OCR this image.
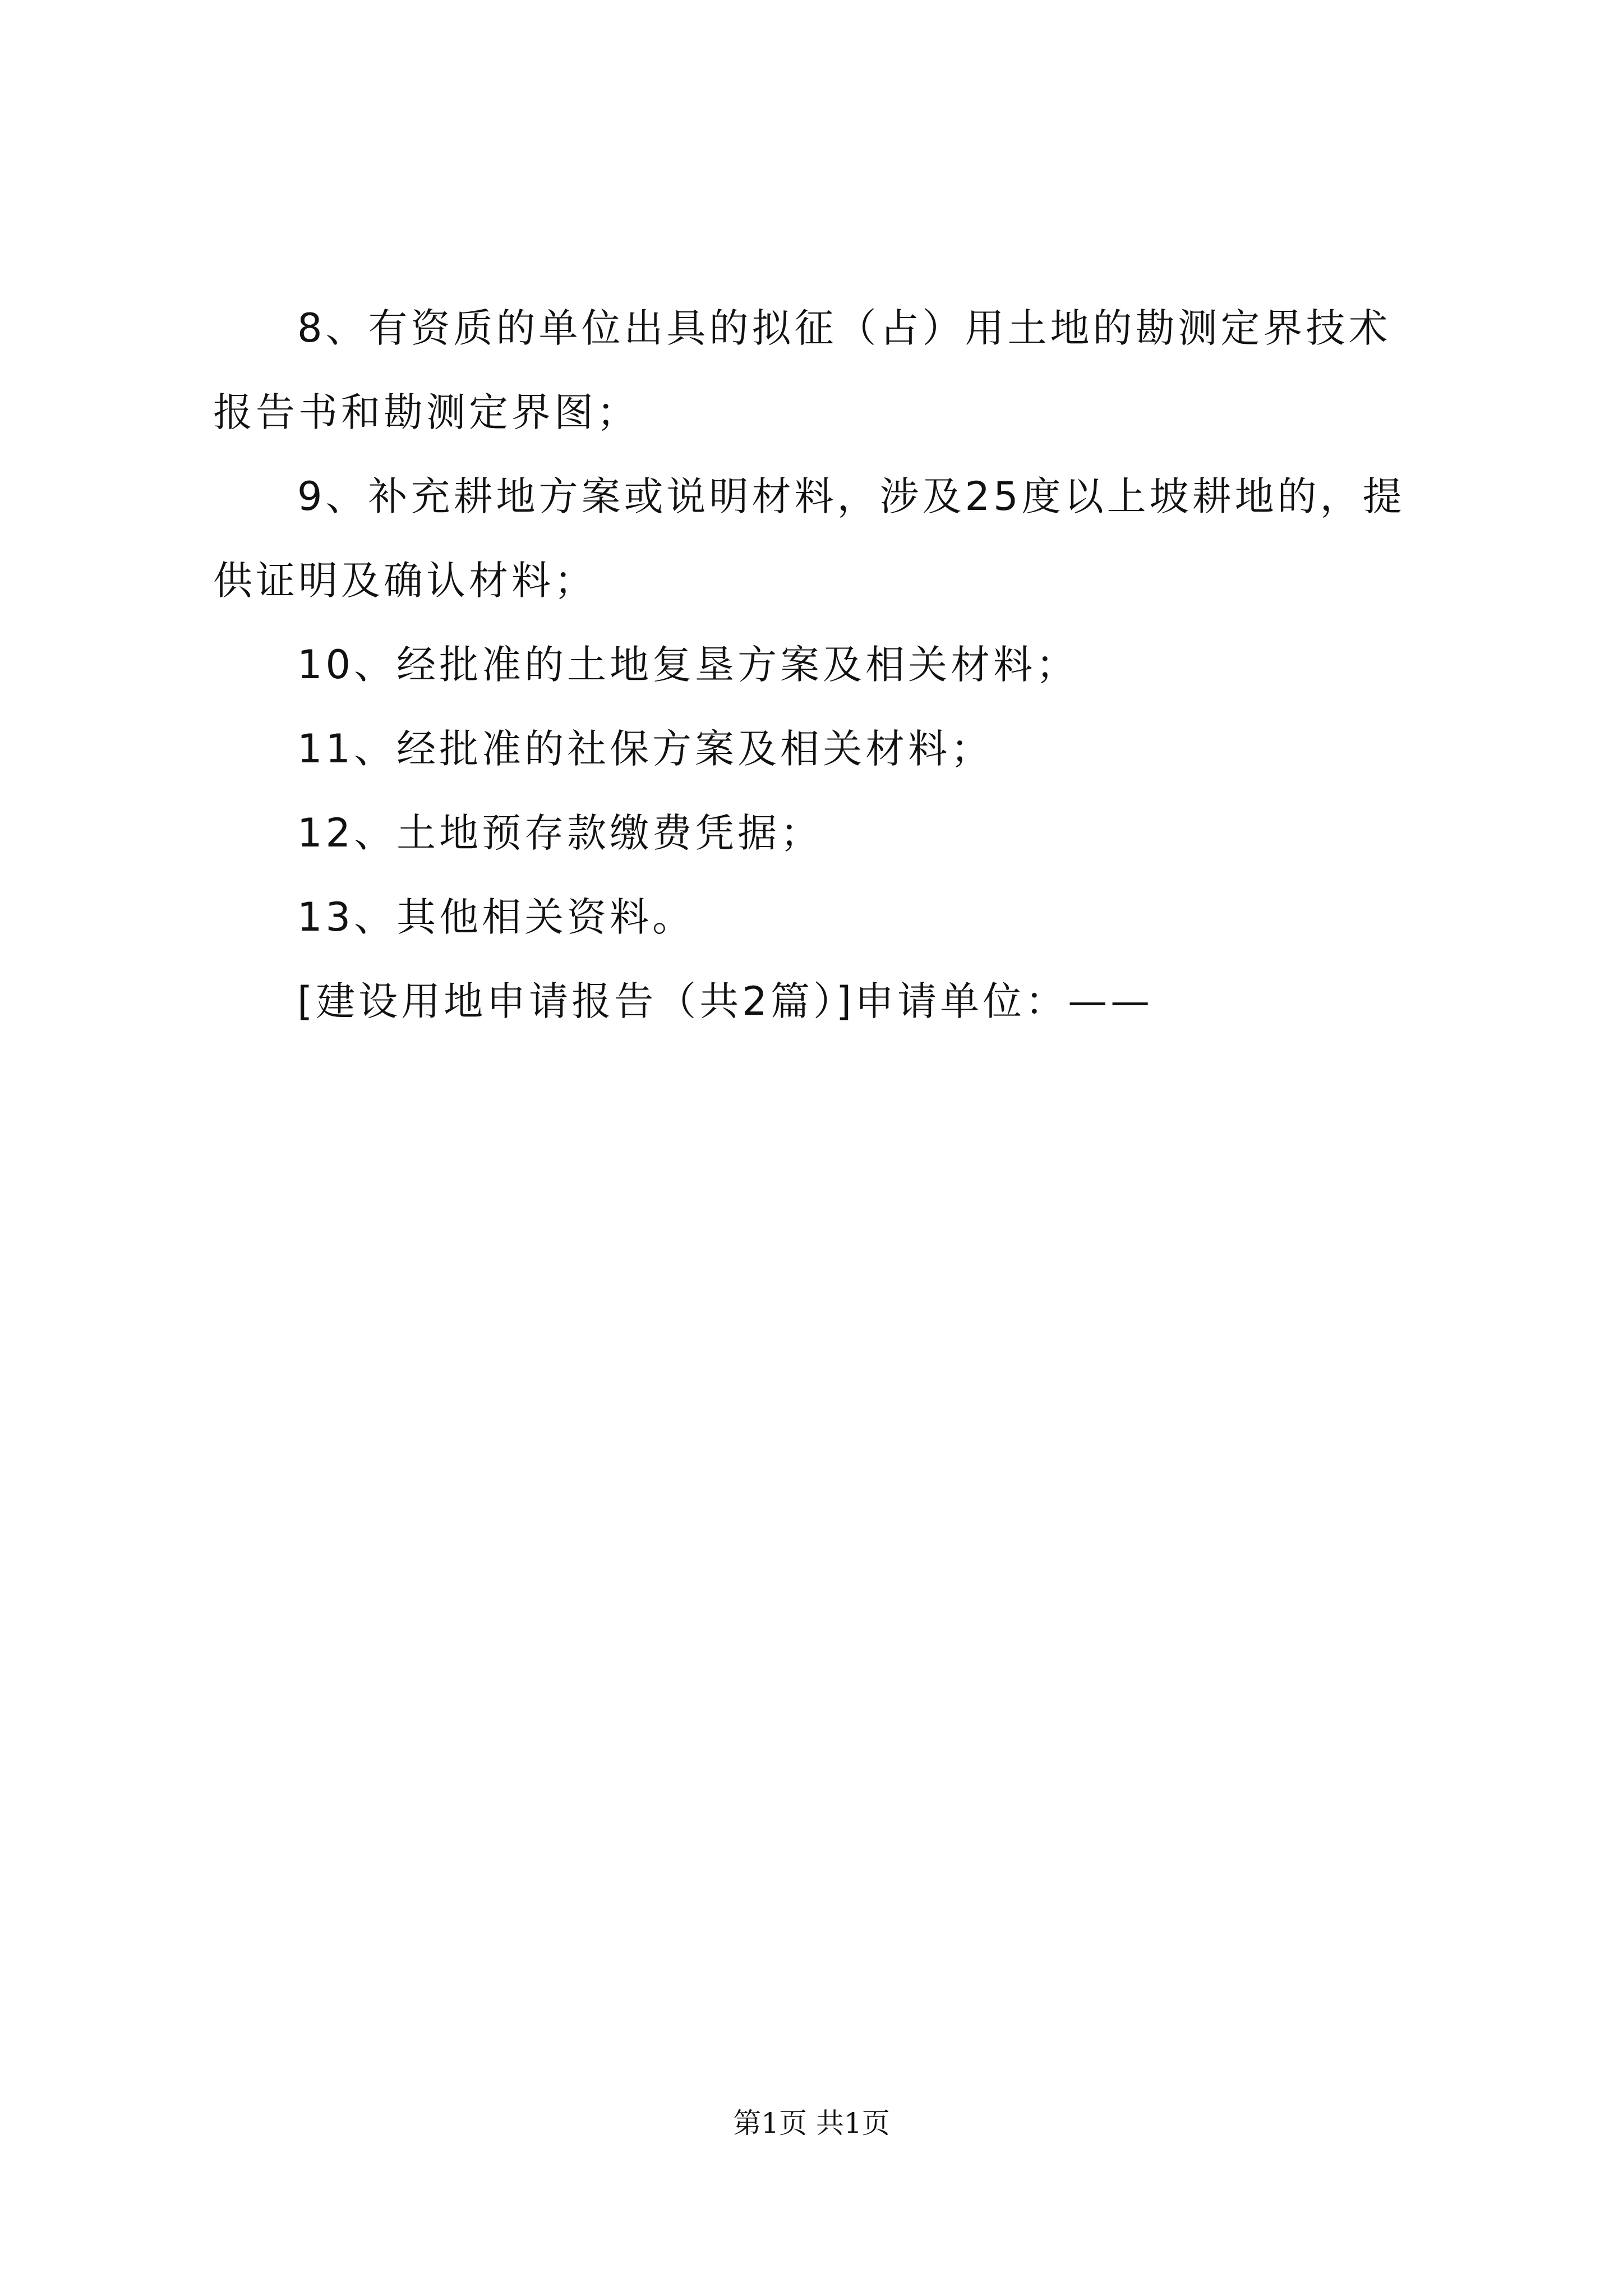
8、有资质的单位出具的拟征（占）用土地的勘测定界技术报告书和勘测定界图；

9、补充耕地方案或说明材料，涉及25度以上坡耕地的，提供证明及确认材料；

10、经批准的土地复垦方案及相关材料；

11、经批准的社保方案及相关材料；

12、土地预存款缴费凭据；

13、其他相关资料。

[建设用地申请报告（共2篇）]申请单位：——

第1页 共1页
